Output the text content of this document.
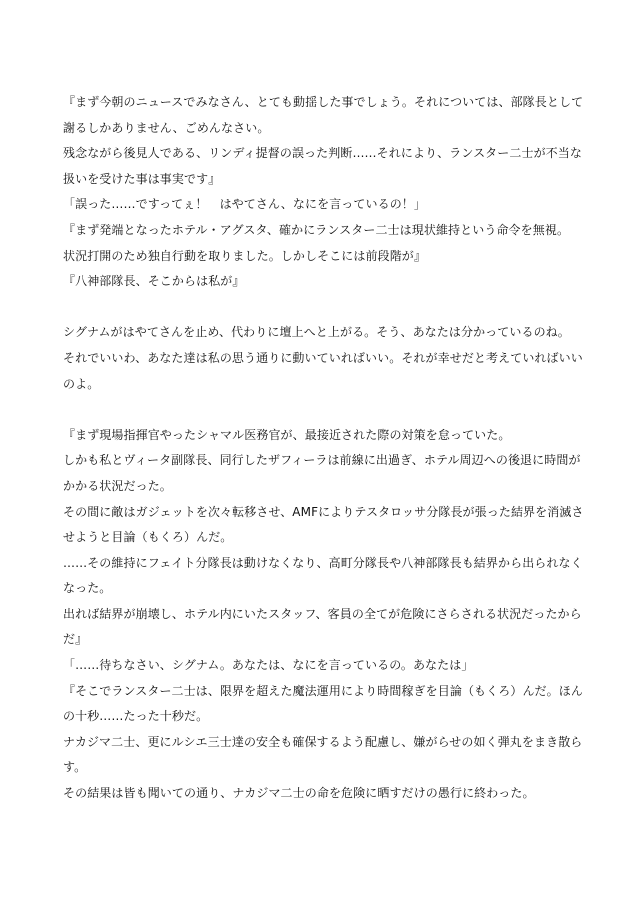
『まず今朝のニュースでみなさん、とても動揺した事でしょう。それについては、部隊長として
謝るしかありません、ごめんなさい。
残念ながら後見人である、リンディ提督の誤った判断……それにより、ランスター二士が不当な
扱いを受けた事は事実です』
「誤った……ですってぇ！　はやてさん、なにを言っているの！」
『まず発端となったホテル・アグスタ、確かにランスター二士は現状維持という命令を無視。
状況打開のため独自行動を取りました。しかしそこには前段階が』
『八神部隊長、そこからは私が』
シグナムがはやてさんを止め、代わりに壇上へと上がる。そう、あなたは分かっているのね。
それでいいわ、あなた達は私の思う通りに動いていればいい。それが幸せだと考えていればいい
のよ。
『まず現場指揮官やったシャマル医務官が、最接近された際の対策を怠っていた。
しかも私とヴィータ副隊長、同行したザフィーラは前線に出過ぎ、ホテル周辺への後退に時間が
かかる状況だった。
その間に敵はガジェットを次々転移させ、AMFによりテスタロッサ分隊長が張った結界を消滅さ
せようと目論（もくろ）んだ。
……その維持にフェイト分隊長は動けなくなり、高町分隊長や八神部隊長も結界から出られなく
なった。
出れば結界が崩壊し、ホテル内にいたスタッフ、客員の全てが危険にさらされる状況だったから
だ』
「……待ちなさい、シグナム。あなたは、なにを言っているの。あなたは」
『そこでランスター二士は、限界を超えた魔法運用により時間稼ぎを目論（もくろ）んだ。ほん
の十秒……たった十秒だ。
ナカジマ二士、更にルシエ三士達の安全も確保するよう配慮し、嫌がらせの如く弾丸をまき散ら
す。
その結果は皆も聞いての通り、ナカジマ二士の命を危険に晒すだけの愚行に終わった。
